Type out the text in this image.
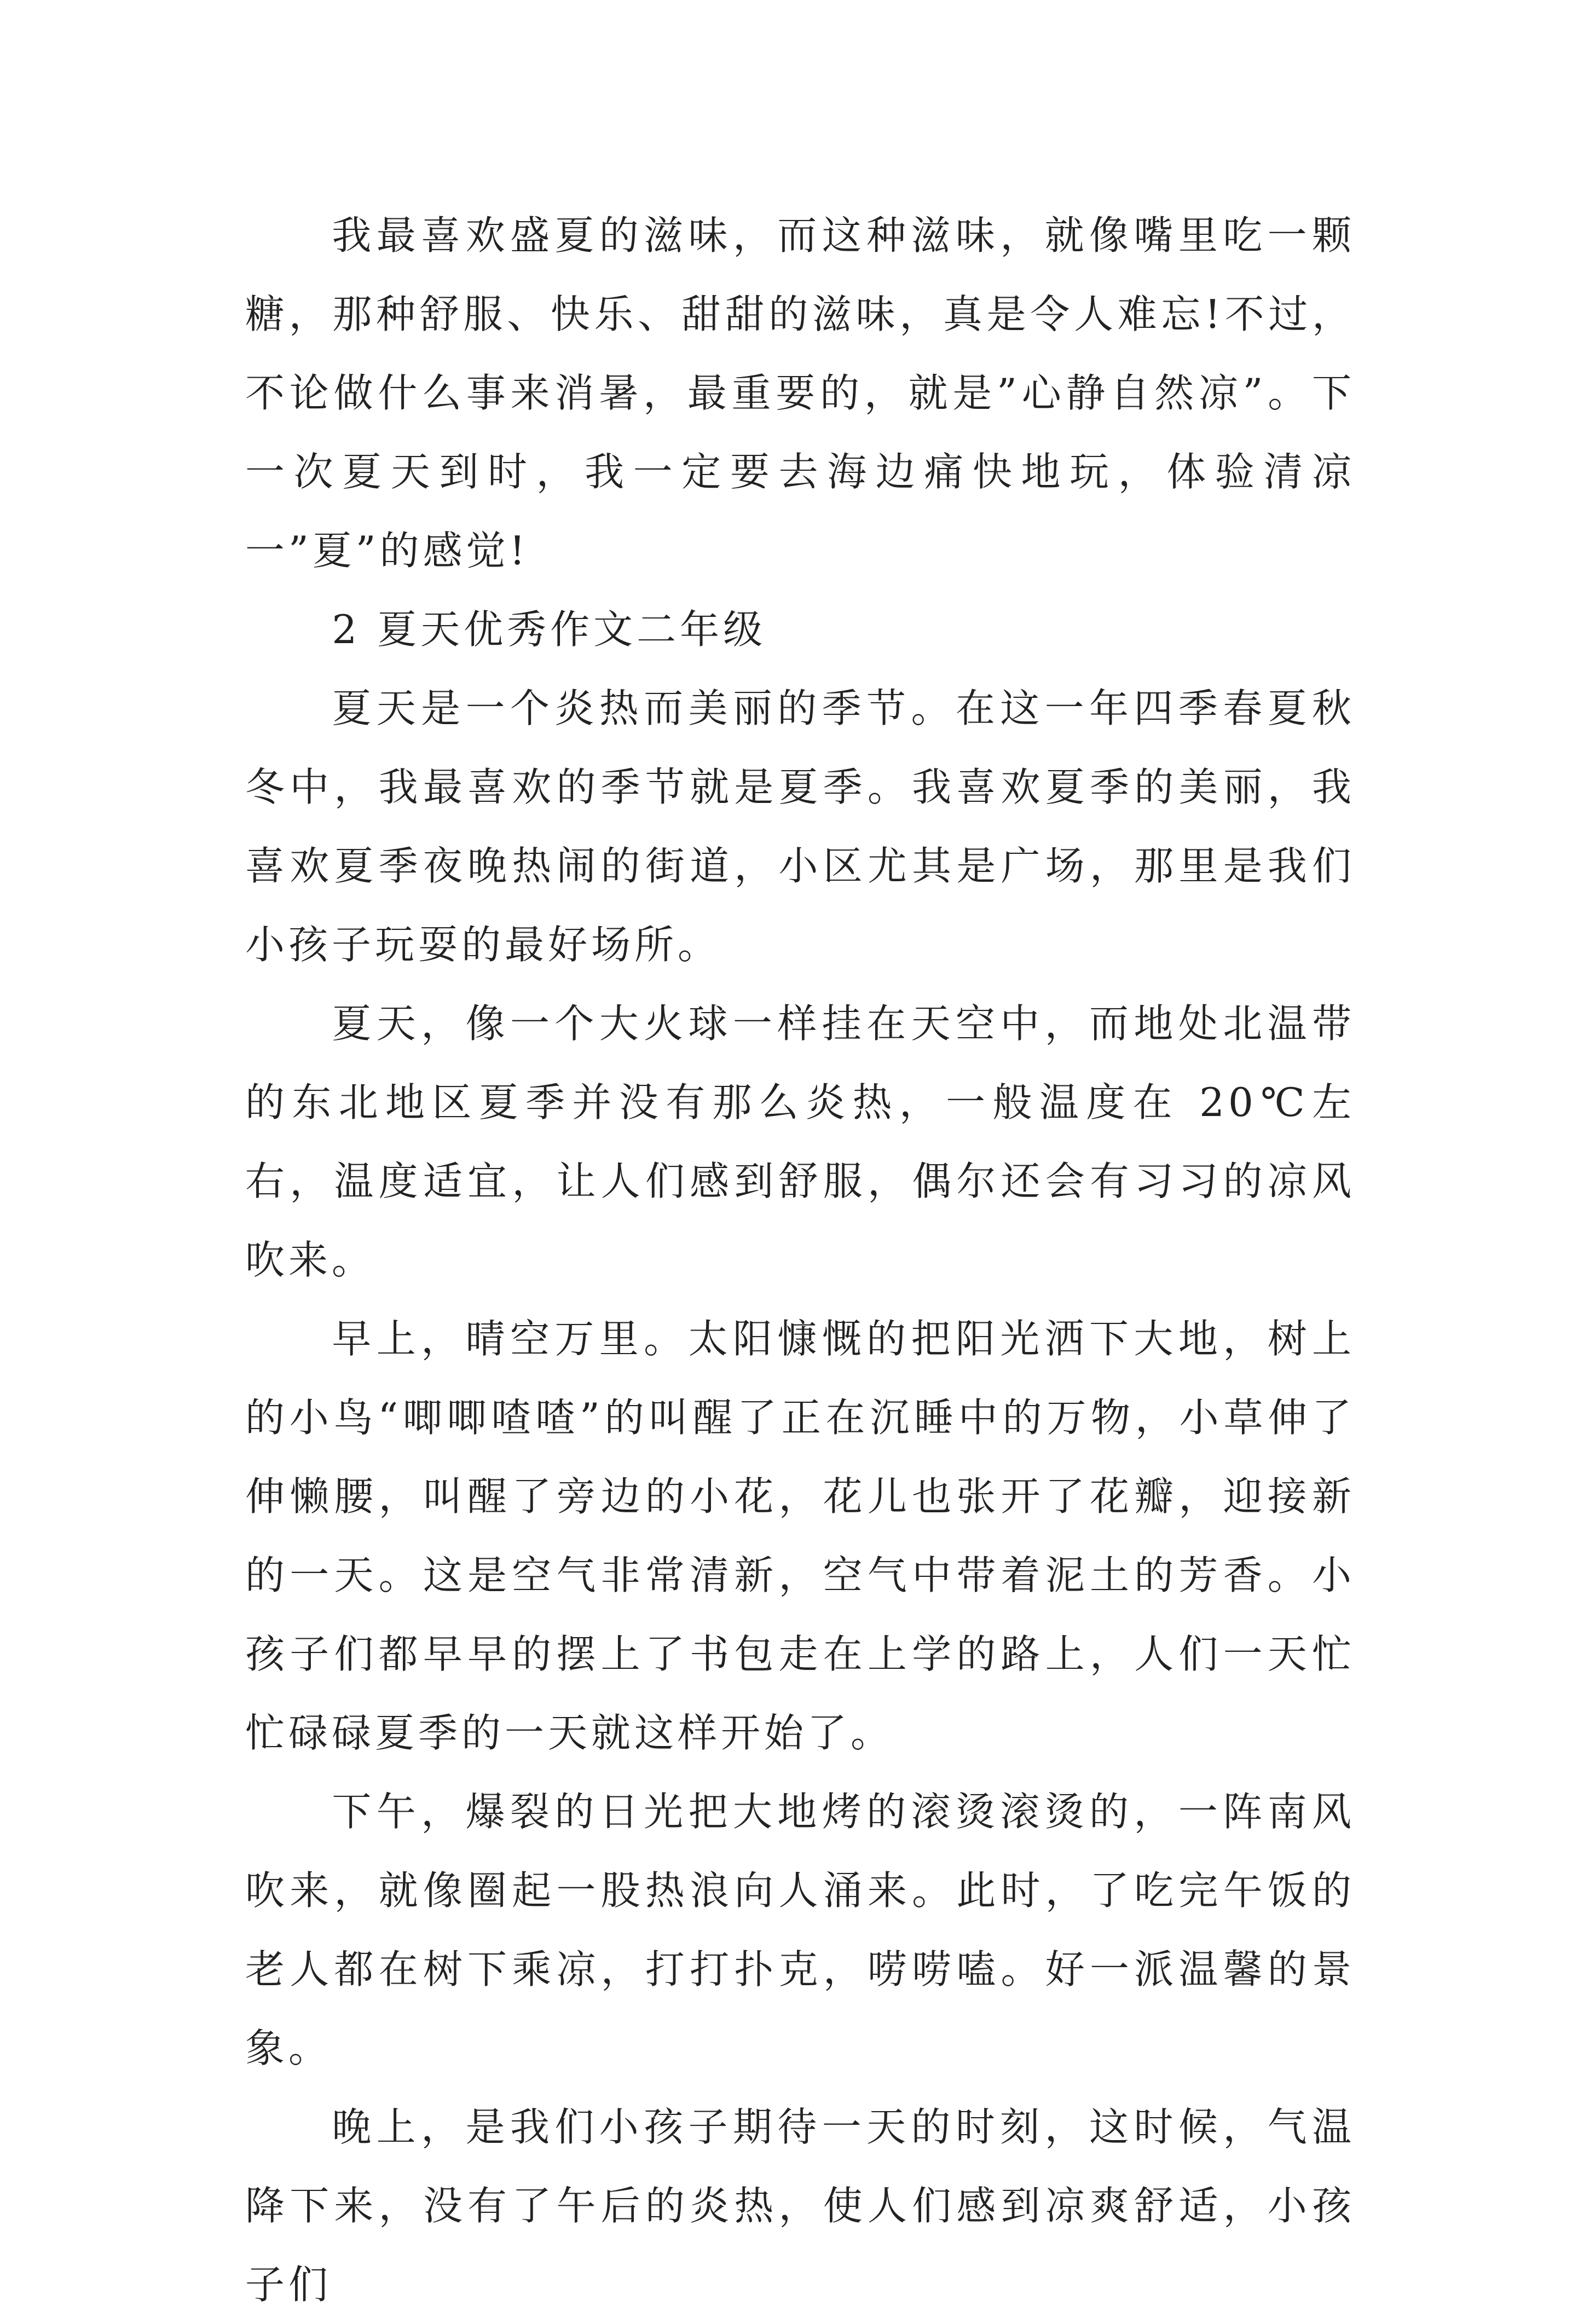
我最喜欢盛夏的滋味，而这种滋味，就像嘴里吃一颗糖，那种舒服、快乐、甜甜的滋味，真是令人难忘!不过，不论做什么事来消暑，最重要的，就是”心静自然凉”。下一次夏天到时，我一定要去海边痛快地玩，体验清凉一”夏”的感觉!

2 夏天优秀作文二年级

夏天是一个炎热而美丽的季节。在这一年四季春夏秋冬中，我最喜欢的季节就是夏季。我喜欢夏季的美丽，我喜欢夏季夜晚热闹的街道，小区尤其是广场，那里是我们小孩子玩耍的最好场所。

夏天，像一个大火球一样挂在天空中，而地处北温带的东北地区夏季并没有那么炎热，一般温度在 20℃左右，温度适宜，让人们感到舒服，偶尔还会有习习的凉风吹来。

早上，晴空万里。太阳慷慨的把阳光洒下大地，树上的小鸟“唧唧喳喳”的叫醒了正在沉睡中的万物，小草伸了伸懒腰，叫醒了旁边的小花，花儿也张开了花瓣，迎接新的一天。这是空气非常清新，空气中带着泥土的芳香。小孩子们都早早的摆上了书包走在上学的路上，人们一天忙忙碌碌夏季的一天就这样开始了。

下午，爆裂的日光把大地烤的滚烫滚烫的，一阵南风吹来，就像圈起一股热浪向人涌来。此时，了吃完午饭的老人都在树下乘凉，打打扑克，唠唠嗑。好一派温馨的景象。

晚上，是我们小孩子期待一天的时刻，这时候，气温降下来，没有了午后的炎热，使人们感到凉爽舒适，小孩子们
